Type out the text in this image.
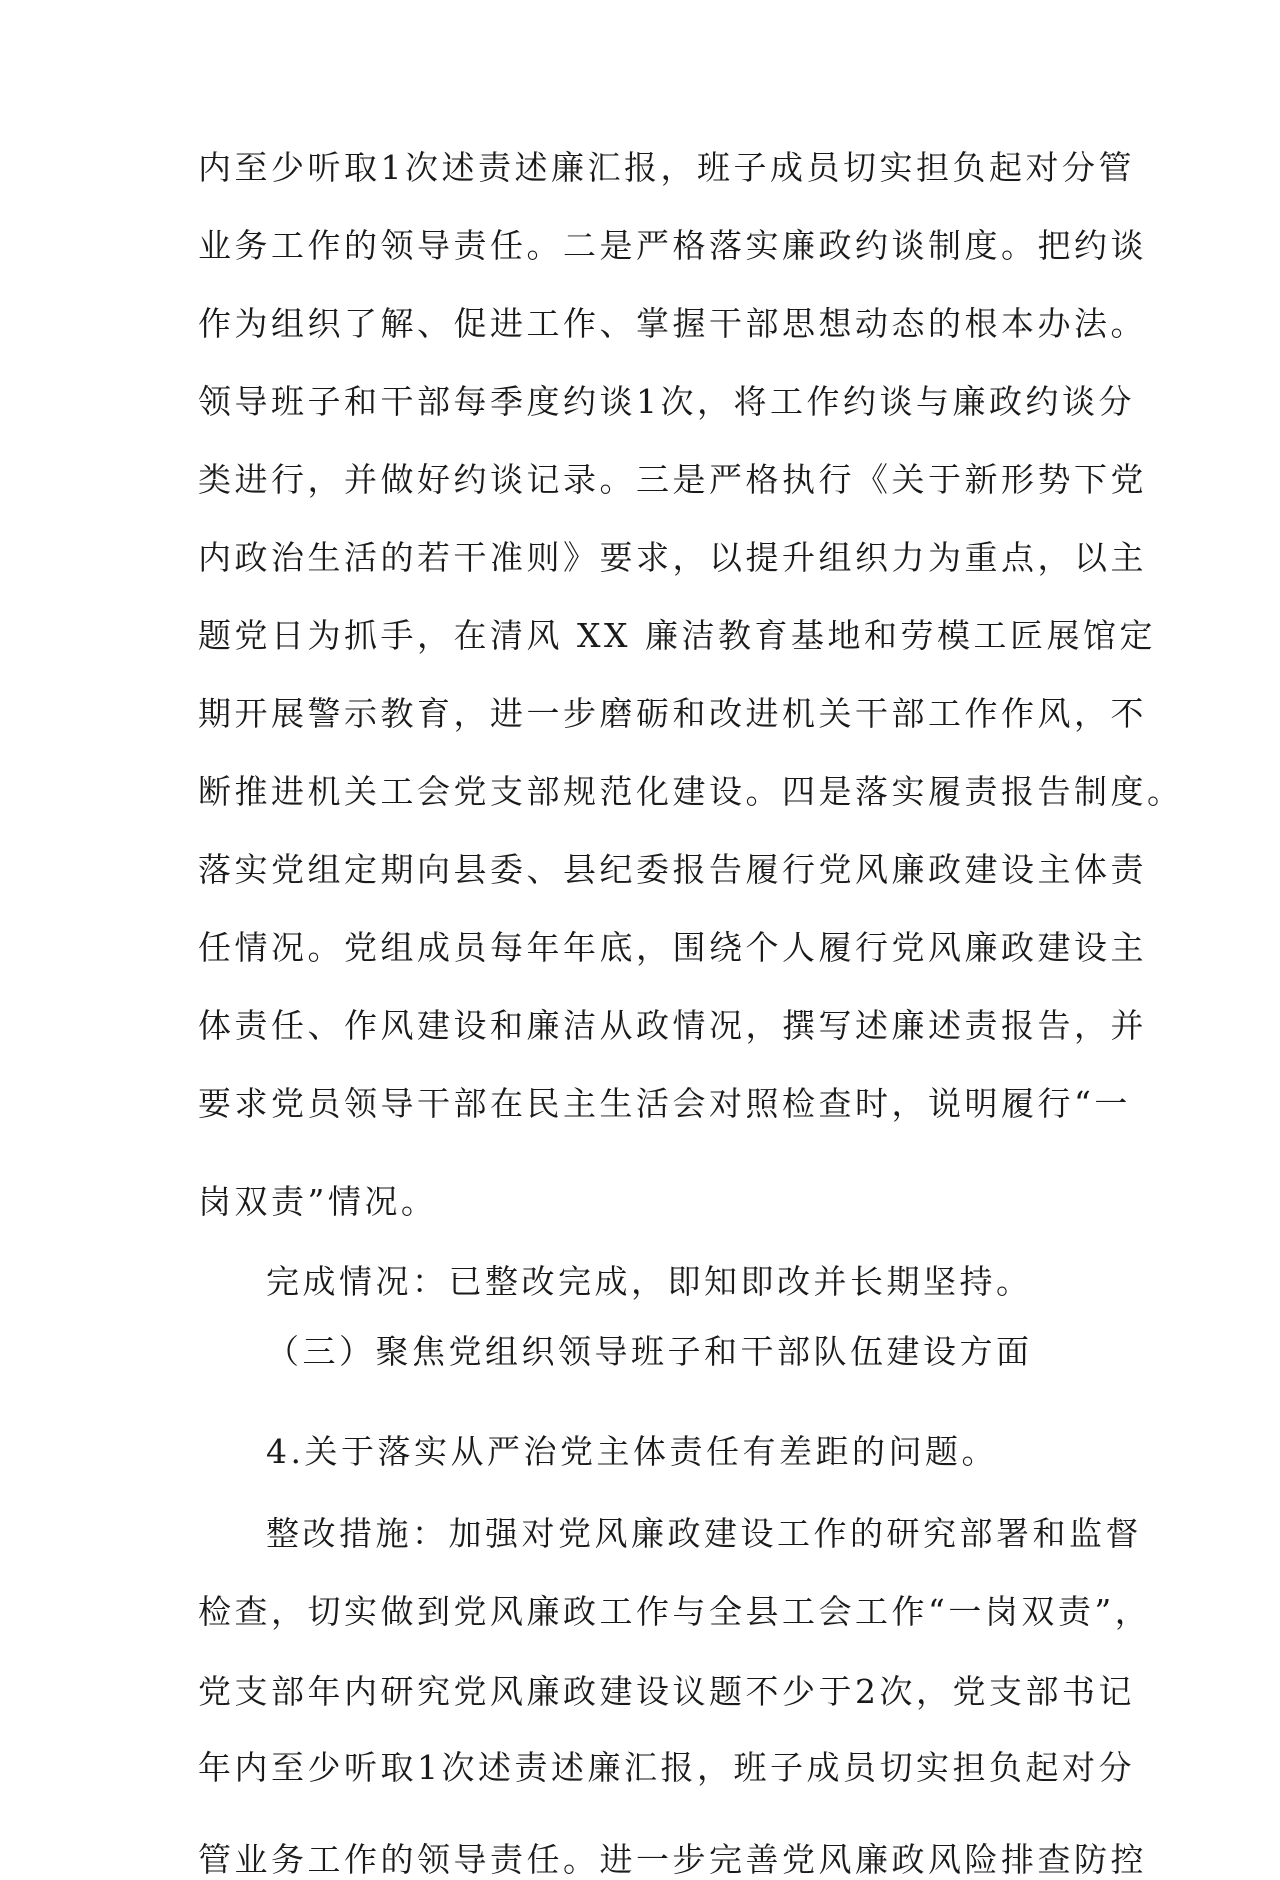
内至少听取1次述责述廉汇报，班子成员切实担负起对分管
业务工作的领导责任。二是严格落实廉政约谈制度。把约谈
作为组织了解、促进工作、掌握干部思想动态的根本办法。
领导班子和干部每季度约谈1次，将工作约谈与廉政约谈分
类进行，并做好约谈记录。三是严格执行《关于新形势下党
内政治生活的若干准则》要求，以提升组织力为重点，以主
题党日为抓手，在清风 XX 廉洁教育基地和劳模工匠展馆定
期开展警示教育，进一步磨砺和改进机关干部工作作风，不
断推进机关工会党支部规范化建设。四是落实履责报告制度。
落实党组定期向县委、县纪委报告履行党风廉政建设主体责
任情况。党组成员每年年底，围绕个人履行党风廉政建设主
体责任、作风建设和廉洁从政情况，撰写述廉述责报告，并
要求党员领导干部在民主生活会对照检查时，说明履行“一
岗双责”情况。
完成情况：已整改完成，即知即改并长期坚持。
（三）聚焦党组织领导班子和干部队伍建设方面
4.关于落实从严治党主体责任有差距的问题。
整改措施：加强对党风廉政建设工作的研究部署和监督
检查，切实做到党风廉政工作与全县工会工作“一岗双责”，
党支部年内研究党风廉政建设议题不少于2次，党支部书记
年内至少听取1次述责述廉汇报，班子成员切实担负起对分
管业务工作的领导责任。进一步完善党风廉政风险排查防控
